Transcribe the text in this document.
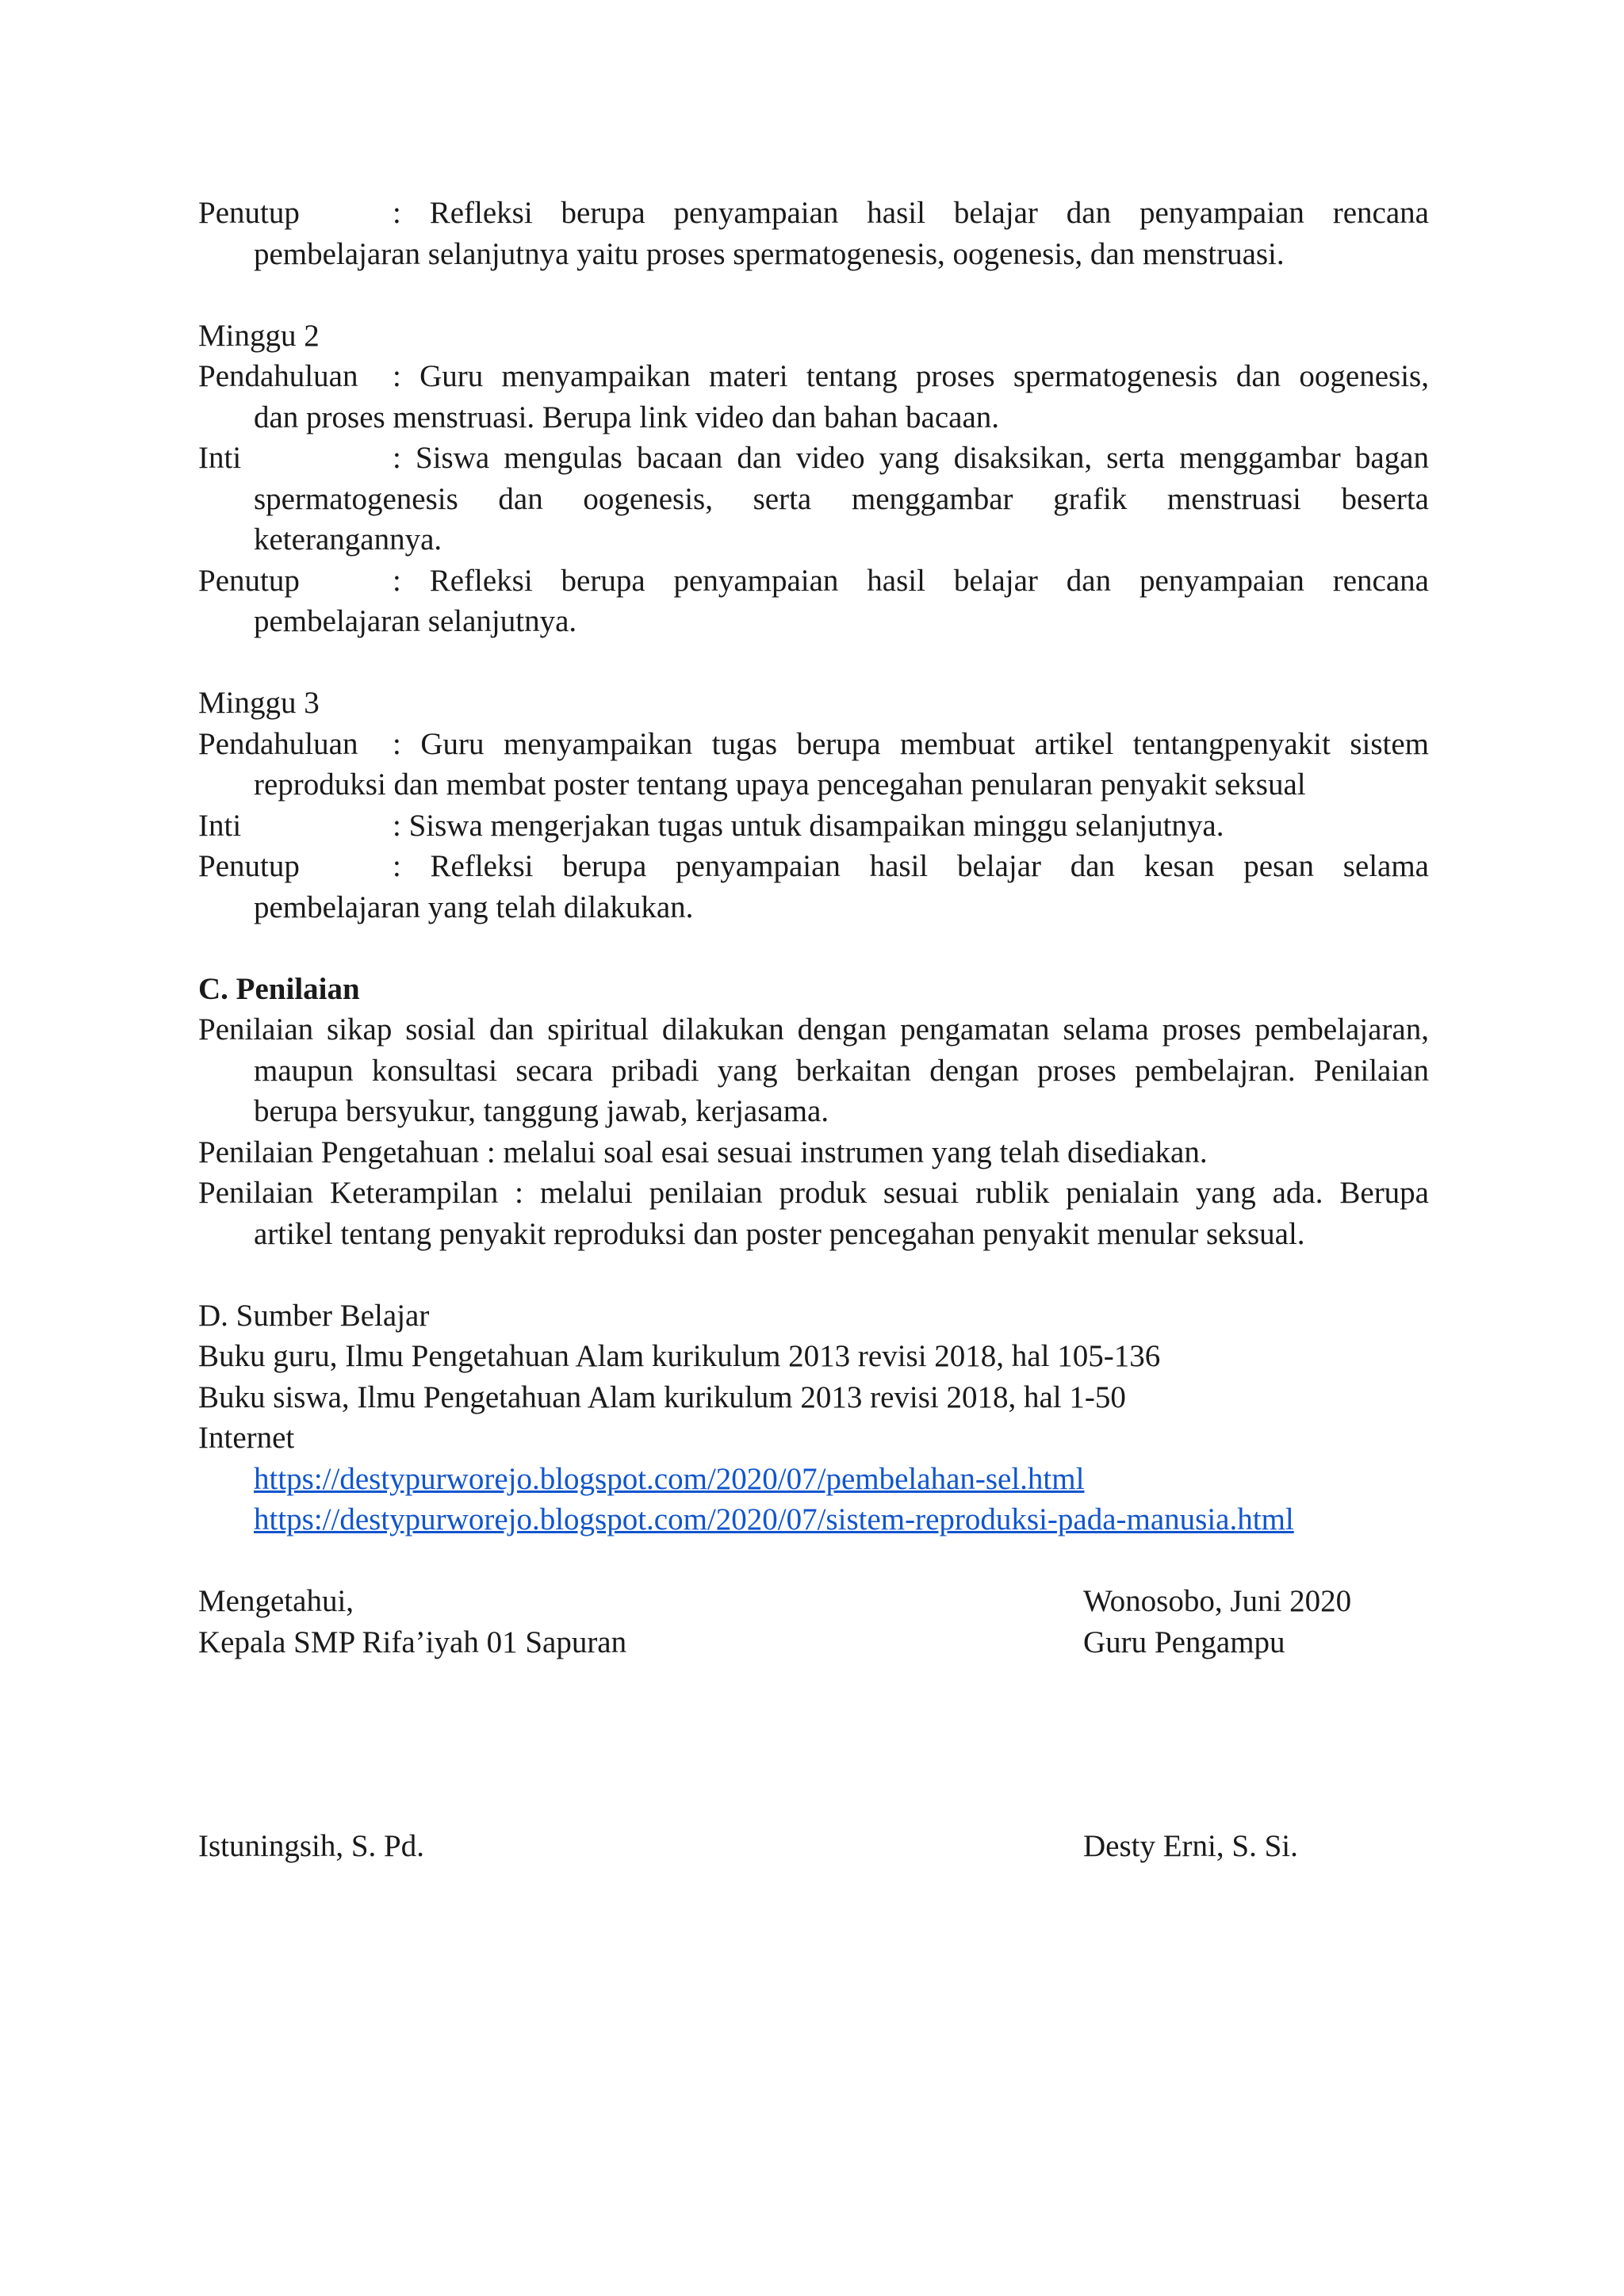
Penutup	: Refleksi berupa penyampaian hasil belajar dan penyampaian rencana
pembelajaran selanjutnya yaitu proses spermatogenesis, oogenesis, dan menstruasi.
Minggu 2
Pendahuluan	: Guru menyampaikan materi tentang proses spermatogenesis dan oogenesis,
dan proses menstruasi. Berupa link video dan bahan bacaan.
Inti	: Siswa mengulas bacaan dan video yang disaksikan, serta menggambar bagan
spermatogenesis dan oogenesis, serta menggambar grafik menstruasi beserta
keterangannya.
Penutup	: Refleksi berupa penyampaian hasil belajar dan penyampaian rencana
pembelajaran selanjutnya.
Minggu 3
Pendahuluan	: Guru menyampaikan tugas berupa membuat artikel tentangpenyakit sistem
reproduksi dan membat poster tentang upaya pencegahan penularan penyakit seksual
Inti	: Siswa mengerjakan tugas untuk disampaikan minggu selanjutnya.
Penutup	: Refleksi berupa penyampaian hasil belajar dan kesan pesan selama
pembelajaran yang telah dilakukan.
C. Penilaian
Penilaian sikap sosial dan spiritual dilakukan dengan pengamatan selama proses pembelajaran,
maupun konsultasi secara pribadi yang berkaitan dengan proses pembelajran. Penilaian
berupa bersyukur, tanggung jawab, kerjasama.
Penilaian Pengetahuan : melalui soal esai sesuai instrumen yang telah disediakan.
Penilaian Keterampilan : melalui penilaian produk sesuai rublik penialain yang ada. Berupa
artikel tentang penyakit reproduksi dan poster pencegahan penyakit menular seksual.
D. Sumber Belajar
Buku guru, Ilmu Pengetahuan Alam kurikulum 2013 revisi 2018, hal 105-136
Buku siswa, Ilmu Pengetahuan Alam kurikulum 2013 revisi 2018, hal 1-50
Internet
https://destypurworejo.blogspot.com/2020/07/pembelahan-sel.html
https://destypurworejo.blogspot.com/2020/07/sistem-reproduksi-pada-manusia.html
Mengetahui,	Wonosobo, Juni 2020
Kepala SMP Rifa’iyah 01 Sapuran	Guru Pengampu
Istuningsih, S. Pd.	Desty Erni, S. Si.
